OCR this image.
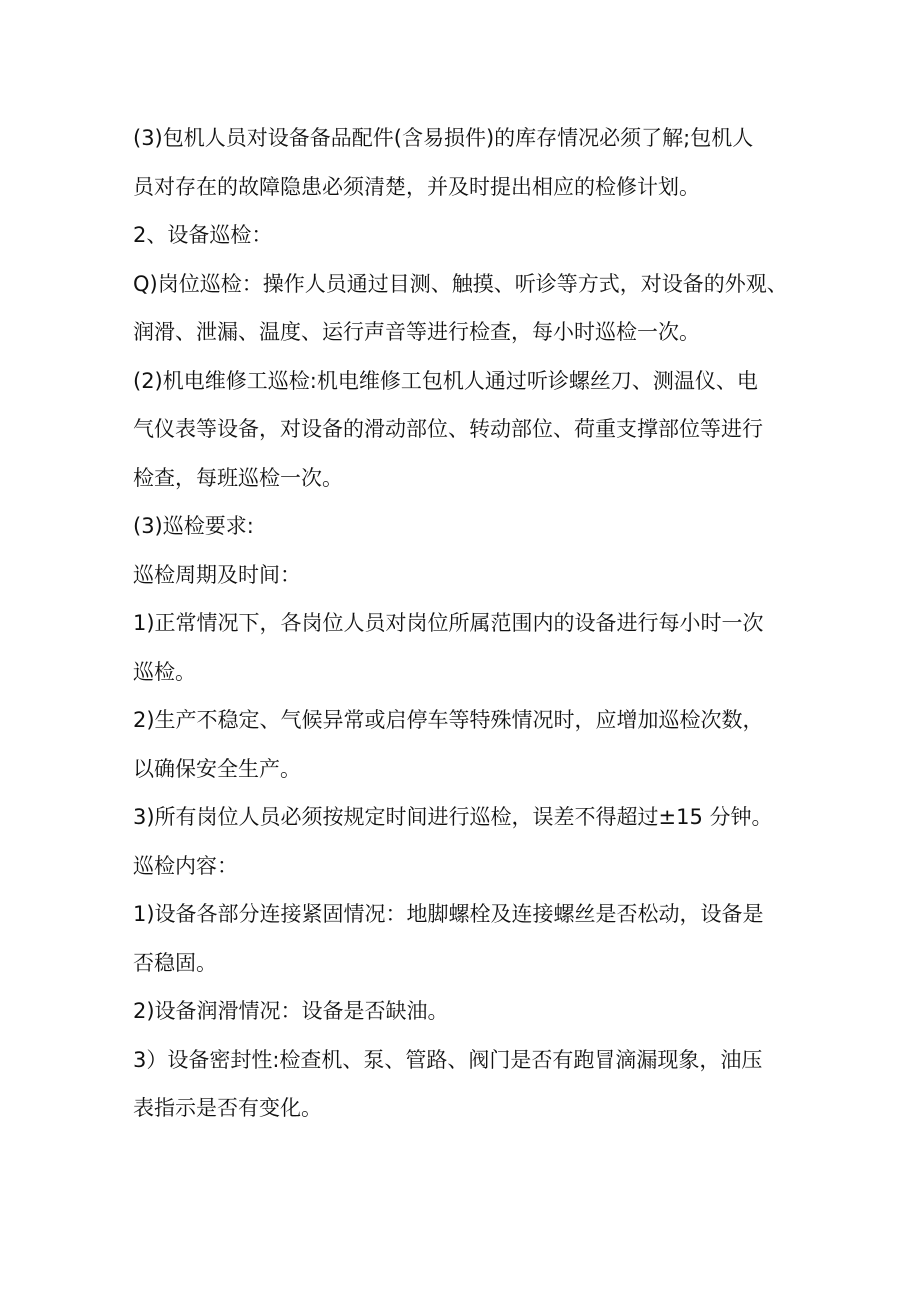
(3)包机人员对设备备品配件(含易损件)的库存情况必须了解;包机人
员对存在的故障隐患必须清楚，并及时提出相应的检修计划。

2、设备巡检：

Q)岗位巡检：操作人员通过目测、触摸、听诊等方式，对设备的外观、
润滑、泄漏、温度、运行声音等进行检查，每小时巡检一次。

(2)机电维修工巡检:机电维修工包机人通过听诊螺丝刀、测温仪、电
气仪表等设备，对设备的滑动部位、转动部位、荷重支撑部位等进行
检查，每班巡检一次。

(3)巡检要求:

巡检周期及时间：

1)正常情况下，各岗位人员对岗位所属范围内的设备进行每小时一次
巡检。

2)生产不稳定、气候异常或启停车等特殊情况时，应增加巡检次数，
以确保安全生产。

3)所有岗位人员必须按规定时间进行巡检，误差不得超过±15 分钟。

巡检内容：

1)设备各部分连接紧固情况：地脚螺栓及连接螺丝是否松动，设备是
否稳固。

2)设备润滑情况：设备是否缺油。

3）设备密封性:检查机、泵、管路、阀门是否有跑冒滴漏现象，油压
表指示是否有变化。
